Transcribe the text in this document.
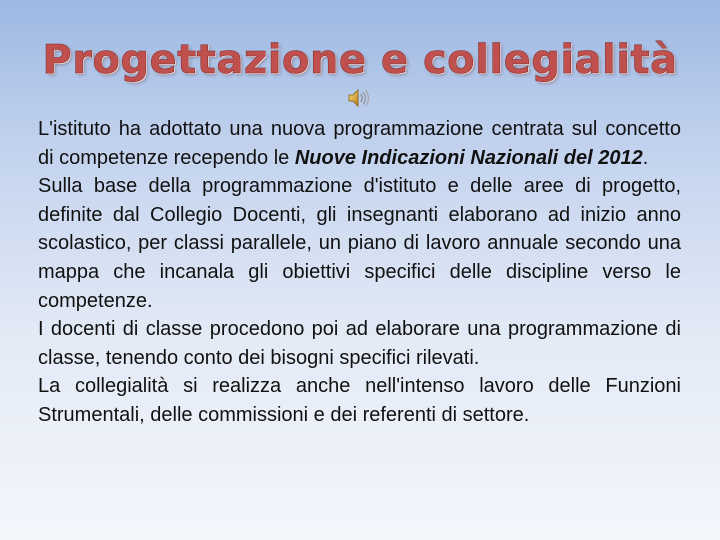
Progettazione e collegialità

L'istituto ha adottato una nuova programmazione centrata sul concetto di competenze recependo le Nuove Indicazioni Nazionali del 2012.

Sulla base della programmazione d'istituto e delle aree di progetto, definite dal Collegio Docenti, gli insegnanti elaborano ad inizio anno scolastico, per classi parallele, un piano di lavoro annuale secondo una mappa che incanala gli obiettivi specifici delle discipline verso le competenze.

I docenti di classe procedono poi ad elaborare una programmazione di classe, tenendo conto dei bisogni specifici rilevati.

La collegialità si realizza anche nell'intenso lavoro delle Funzioni Strumentali, delle commissioni e dei referenti di settore.
